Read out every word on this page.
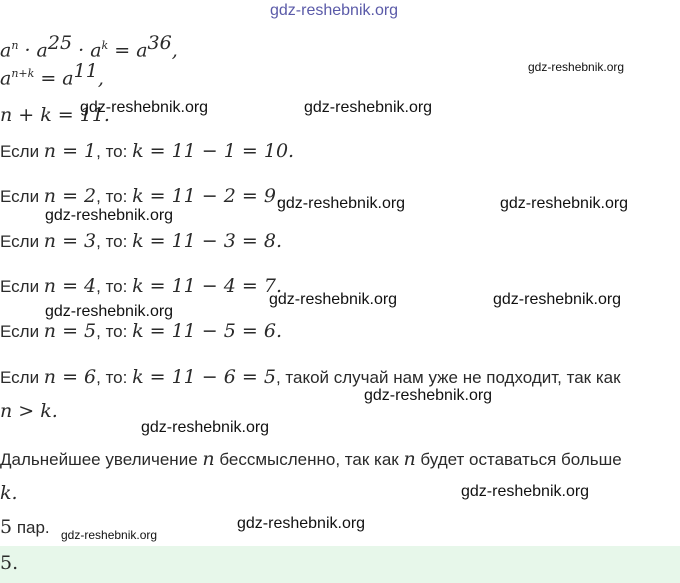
$a^n \cdot a^{25} \cdot a^k = a^{36}$,
$a^{n+k} = a^{11}$,
n + k = 11.
Если n = 1, то: k = 11 − 1 = 10.
Если n = 2, то: k = 11 − 2 = 9.
Если n = 3, то: k = 11 − 3 = 8.
Если n = 4, то: k = 11 − 4 = 7.
Если n = 5, то: k = 11 − 5 = 6.
Если n = 6, то: k = 11 − 6 = 5, такой случай нам уже не подходит, так как
n > k.
Дальнейшее увеличение n бессмысленно, так как n будет оставаться больше
k.
5 пар.
5.
gdz-reshebnik.org
gdz-reshebnik.org
gdz-reshebnik.org	gdz-reshebnik.org
gdz-reshebnik.org	gdz-reshebnik.org
gdz-reshebnik.org
gdz-reshebnik.org	gdz-reshebnik.org
gdz-reshebnik.org
gdz-reshebnik.org
gdz-reshebnik.org
gdz-reshebnik.org
gdz-reshebnik.org
gdz-reshebnik.org
